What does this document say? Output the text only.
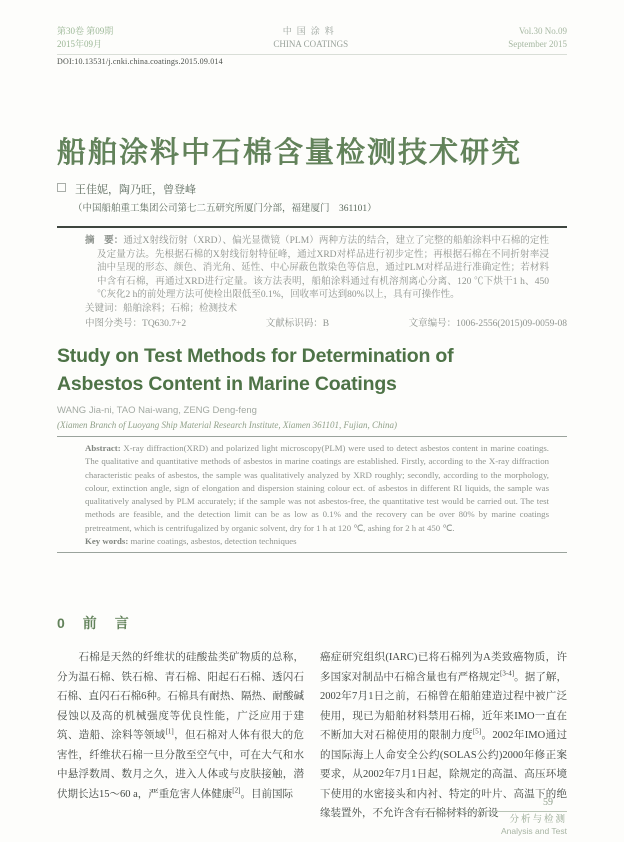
第30卷 第09期
2015年09月
中国涂料
CHINA COATINGS
Vol.30 No.09
September 2015
DOI:10.13531/j.cnki.china.coatings.2015.09.014
船舶涂料中石棉含量检测技术研究
王佳妮，陶乃旺，曾登峰
（中国船舶重工集团公司第七二五研究所厦门分部，福建厦门　361101）

摘　要：通过X射线衍射（XRD）、偏光显微镜（PLM）两种方法的结合，建立了完整的船舶涂料中石棉的定性及定量方法。先根据石棉的X射线衍射特征峰，通过XRD对样品进行初步定性；再根据石棉在不同折射率浸油中呈现的形态、颜色、消光角、延性、中心屏蔽色散染色等信息，通过PLM对样品进行准确定性；若材料中含有石棉，再通过XRD进行定量。该方法表明，船舶涂料通过有机溶剂离心分离、120 ℃下烘干1 h、450 ℃灰化2 h的前处理方法可使检出限低至0.1%，回收率可达到80%以上，具有可操作性。

关键词：船舶涂料；石棉；检测技术

中图分类号：TQ630.7+2	文献标识码：B	文章编号：1006-2556(2015)09-0059-08
Study on Test Methods for Determination of Asbestos Content in Marine Coatings
WANG Jia-ni, TAO Nai-wang, ZENG Deng-feng
(Xiamen Branch of Luoyang Ship Material Research Institute, Xiamen 361101, Fujian, China)

Abstract: X-ray diffraction(XRD) and polarized light microscopy(PLM) were used to detect asbestos content in marine coatings. The qualitative and quantitative methods of asbestos in marine coatings are established. Firstly, according to the X-ray diffraction characteristic peaks of asbestos, the sample was qualitatively analyzed by XRD roughly; secondly, according to the morphology, colour, extinction angle, sign of elongation and dispersion staining colour ect. of asbestos in different RI liquids, the sample was qualitatively analysed by PLM accurately; if the sample was not asbestos-free, the quantitative test would be carried out. The test methods are feasible, and the detection limit can be as low as 0.1% and the recovery can be over 80% by marine coatings pretreatment, which is centrifugalized by organic solvent, dry for 1 h at 120 ℃, ashing for 2 h at 450 ℃.

Key words: marine coatings, asbestos, detection techniques

0　前　言
　　石棉是天然的纤维状的硅酸盐类矿物质的总称，分为温石棉、铁石棉、青石棉、阳起石石棉、透闪石石棉、直闪石石棉6种。石棉具有耐热、隔热、耐酸碱侵蚀以及高的机械强度等优良性能，广泛应用于建筑、造船、涂料等领域[1]，但石棉对人体有很大的危害性，纤维状石棉一旦分散至空气中，可在大气和水中悬浮数周、数月之久，进入人体或与皮肤接触，潜伏期长达15～60 a，严重危害人体健康[2]。目前国际
癌症研究组织(IARC)已将石棉列为A类致癌物质，许多国家对制品中石棉含量也有严格规定[3-4]。据了解，2002年7月1日之前，石棉曾在船舶建造过程中被广泛使用，现已为船舶材料禁用石棉，近年来IMO一直在不断加大对石棉使用的限制力度[5]。2002年IMO通过的国际海上人命安全公约(SOLAS公约)2000年修正案要求，从2002年7月1日起，除规定的高温、高压环境下使用的水密接头和内衬、特定的叶片、高温下的绝缘装置外，不允许含有石棉材料的新设
59
分析与检测
Analysis and Test
